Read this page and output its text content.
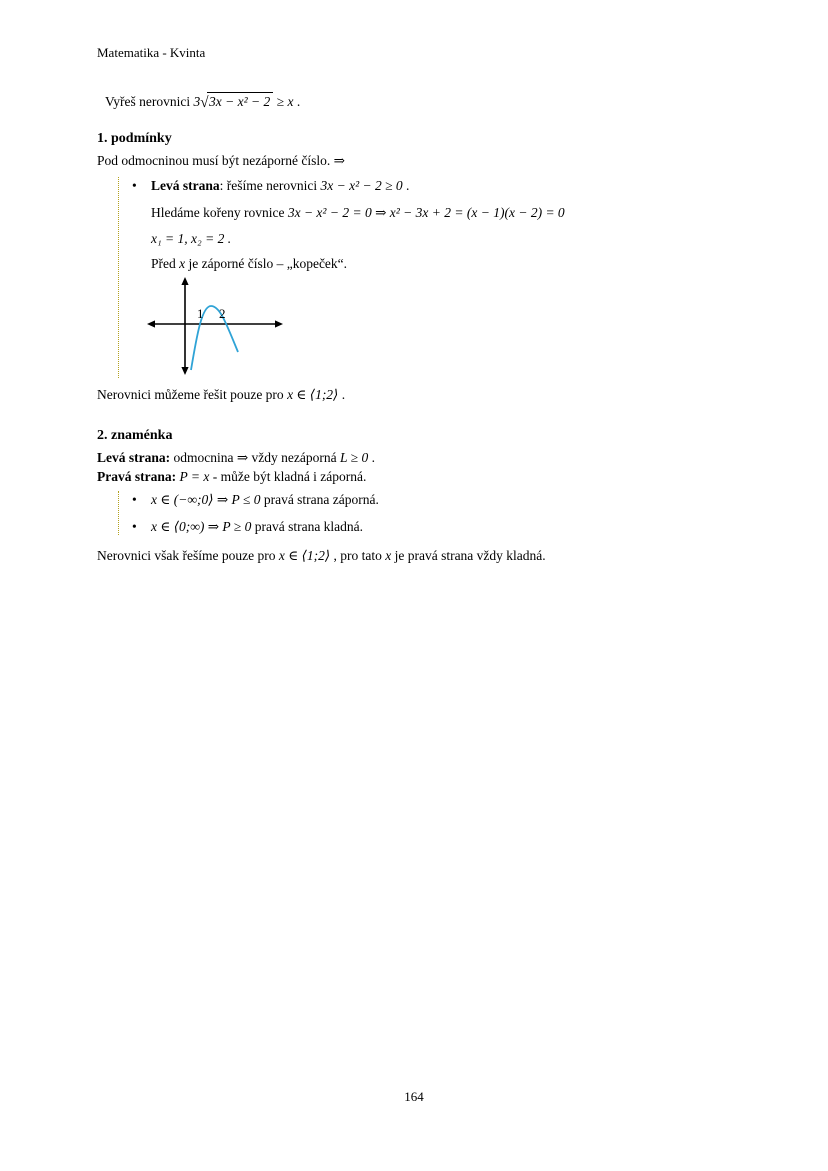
Matematika - Kvinta
Vyřeš nerovnici 3√3x − x² − 2 ≥ x .
1. podmínky
Pod odmocninou musí být nezáporné číslo. ⇒
•	Levá strana: řešíme nerovnici 3x − x² − 2 ≥ 0 .
Hledáme kořeny rovnice 3x − x² − 2 = 0 ⇒ x² − 3x + 2 = (x − 1)(x − 2) = 0
x₁ = 1, x₂ = 2 .
Před x je záporné číslo – „kopeček“.
1 2
Nerovnici můžeme řešit pouze pro x ∈ ⟨1;2⟩ .
2. znaménka
Levá strana: odmocnina ⇒ vždy nezáporná L ≥ 0 .
Pravá strana: P = x - může být kladná i záporná.
•	x ∈ (−∞;0⟩ ⇒ P ≤ 0 pravá strana záporná.
•	x ∈ ⟨0;∞) ⇒ P ≥ 0 pravá strana kladná.
Nerovnici však řešíme pouze pro x ∈ ⟨1;2⟩ , pro tato x je pravá strana vždy kladná.
164
